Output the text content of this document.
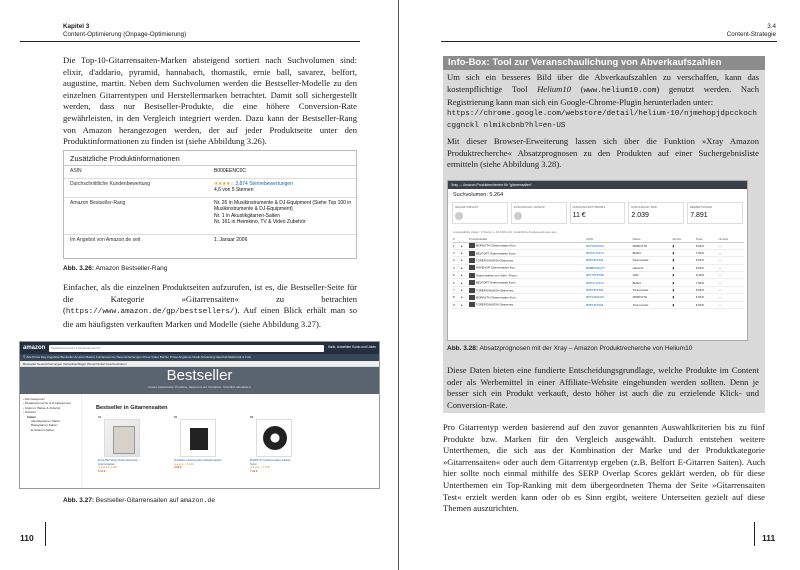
Kapitel 3
Content-Optimierung (Onpage-Optimierung)

Die Top-10-Gitarrensaiten-Marken absteigend sortiert nach Suchvolumen sind: elixir, d'addario, pyramid, hannabach, thomastik, ernie ball, savarez, belfort, augustine, martin. Neben dem Suchvolumen werden die Bestseller-Modelle zu den einzelnen Gitarrentypen und Herstellermarken betrachtet. Damit soll sichergestellt werden, dass nur Bestseller-Produkte, die eine höhere Conversion-Rate gewährleisten, in den Vergleich integriert werden. Dazu kann der Bestseller-Rang von Amazon herangezogen werden, der auf jeder Produktseite unter den Produktinformationen zu finden ist (siehe Abbildung 3.26).

Zusätzliche Produktinformationen
ASIN	B000EENC0C
Durchschnittliche Kundenbewertung	★★★★☆ 3.874 Sternebewertungen
4,6 von 5 Sternen
Amazon Bestseller-Rang	Nr. 26 in Musikinstrumente & DJ-Equipment (Siehe Top 100 in Musikinstrumente & DJ-Equipment)
Nr. 1 in Akustikgitarren-Saiten
Nr. 161 in Heimkino, TV & Video Zubehör
Im Angebot von Amazon.de seit	1. Januar 2006
Abb. 3.26: Amazon Bestseller-Rang

Einfacher, als die einzelnen Produktseiten aufzurufen, ist es, die Bestseller-Seite für die Kategorie »Gitarrensaiten« zu betrachten (https://www.amazon.de/gp/bestsellers/). Auf einen Blick erhält man so die am häufigsten verkauften Marken und Modelle (siehe Abbildung 3.27).

amazon	Musikinstrumente & DJ-Equipment ▾	Hallo, Anmelden Konto und Listen
☰ Alle Prime Day Angebote Bestseller Amazon Basics Kundenservice Neuerscheinungen Prime Video Bücher Prime Angebote Musik-Streaming Haushalt Elektronik & Foto
Bestseller Neuerscheinungen Verkaufsschlager Wunschzettel Geschenkideen
Bestseller
Unsere beliebtesten Produkte, basierend auf Verkäufen. Stündlich aktualisiert.
‹ Alle Kategorien
‹ Musikinstrumente & DJ-Equipment
‹ Gitarren, Bässe & Zubehör
‹ Zubehör
Saiten
Akustikgitarren-Saiten
Bassgitarren-Saiten
E-Gitarren-Saiten
Bestseller in Gitarrensaiten
#1
Ernie Ball Slinky Nickel Wound E-Gitarrensaiten
★★★★★ 4.861
5,14 €
#2
D'Addario Gitarrensaiten Westerngitarre
★★★★☆ 8.103
9,99 €
#3
MORNYTH Gitarrensaiten Klassik Nylon
★★★★☆ 2.118
7,99 €
Abb. 3.27: Bestseller-Gitarrensaiten auf amazon.de
110
3.4
Content-Strategie
Info-Box: Tool zur Veranschaulichung von Abverkaufszahlen

Um sich ein besseres Bild über die Abverkaufszahlen zu verschaffen, kann das kostenpflichtige Tool Helium10 (www.helium10.com) genutzt werden. Nach Registrierung kann man sich ein Google-Chrome-Plugin herunterladen unter:

https://chrome.google.com/webstore/detail/helium-10/njmehopjdpcckochcggnckl nlmikcbnb?hl=en-US

Mit dieser Browser-Erweiterung lassen sich über die Funktion »Xray Amazon Produktrecherche« Absatzprognosen zu den Produkten auf einer Suchergebnisliste ermitteln (siehe Abbildung 3.28).

Xray — Amazon Produktrecherche für "gitarrensaiten"
Suchvolumen: 5.264
GESAMTUMSATZ	DURCHSCHN. UMSATZ	DURCHSCHNITTSPREIS
11 €
DURCHSCHN. BSR
2.039
BEWERTUNGEN
7.891
Ausgewählte Zeilen: 0 Werte 1–10 ASINs für zusätzliche Analyseoptionen aus
#		Produktdetails	ASIN	Marke	Abrufs	Preis	Umsatz
1	▸	MORNYTH Gitarrensaiten Kon...	B07S4P1D4X	MORNYTH	▮	5,99 €	—
2	▸	BELFORT Gitarrensaiten Konz...	B07DY1L5TC	Belfort	▮	7,99 €	—
3	▸	TORERO/NUEVA Gitarrensa...	B08TJPXSDL	Toreromusic	▮	5,99 €	—
4	▸	HAVENOR Gitarrensaiten Kon...	B08B5CQQT7	Havenör	▮	6,99 €	—
5	▸	Gitarrensaiten von Vitlin - Premi...	B077DT8T5B	Vitlin	▮	6,49 €	—
6	▸	BELFORT Gitarrensaiten Konz...	B07DY1L5TC	Belfort	▮	7,99 €	—
7	▸	TORERO/NUEVA Gitarrensa...	B08TJPXSDL	Toreromusic	▮	5,99 €	—
8	▸	MORNYTH Gitarrensaiten Kon...	B07S4P1D4X	MORNYTH	▮	5,99 €	—
9	▸	TORERO/NUEVA Gitarrensa...	B08TJPXSDL	Toreromusic	▮	5,99 €	—
Abb. 3.28: Absatzprognosen mit der Xray – Amazon Produktrecherche von Helium10

Diese Daten bieten eine fundierte Entscheidungsgrundlage, welche Produkte im Content oder als Werbemittel in einer Affiliate-Website eingebunden werden sollten. Denn je besser sich ein Produkt verkauft, desto höher ist auch die zu erzielende Klick- und Conversion-Rate.

Pro Gitarrentyp werden basierend auf den zuvor genannten Auswahlkriterien bis zu fünf Produkte bzw. Marken für den Vergleich ausgewählt. Dadurch entstehen weitere Unterthemen, die sich aus der Kombination der Marke und der Produktkategorie »Gitarrensaiten« oder auch dem Gitarrentyp ergeben (z.B. Belfort E-Gitarren Saiten). Auch hier sollte noch einmal mithilfe des SERP Overlap Scores geklärt werden, ob für diese Unterthemen ein Top-Ranking mit dem übergeordneten Thema der Seite »Gitarrensaiten Test« erzielt werden kann oder ob es Sinn ergibt, weitere Unterseiten gezielt auf diese Themen auszurichten.

111
